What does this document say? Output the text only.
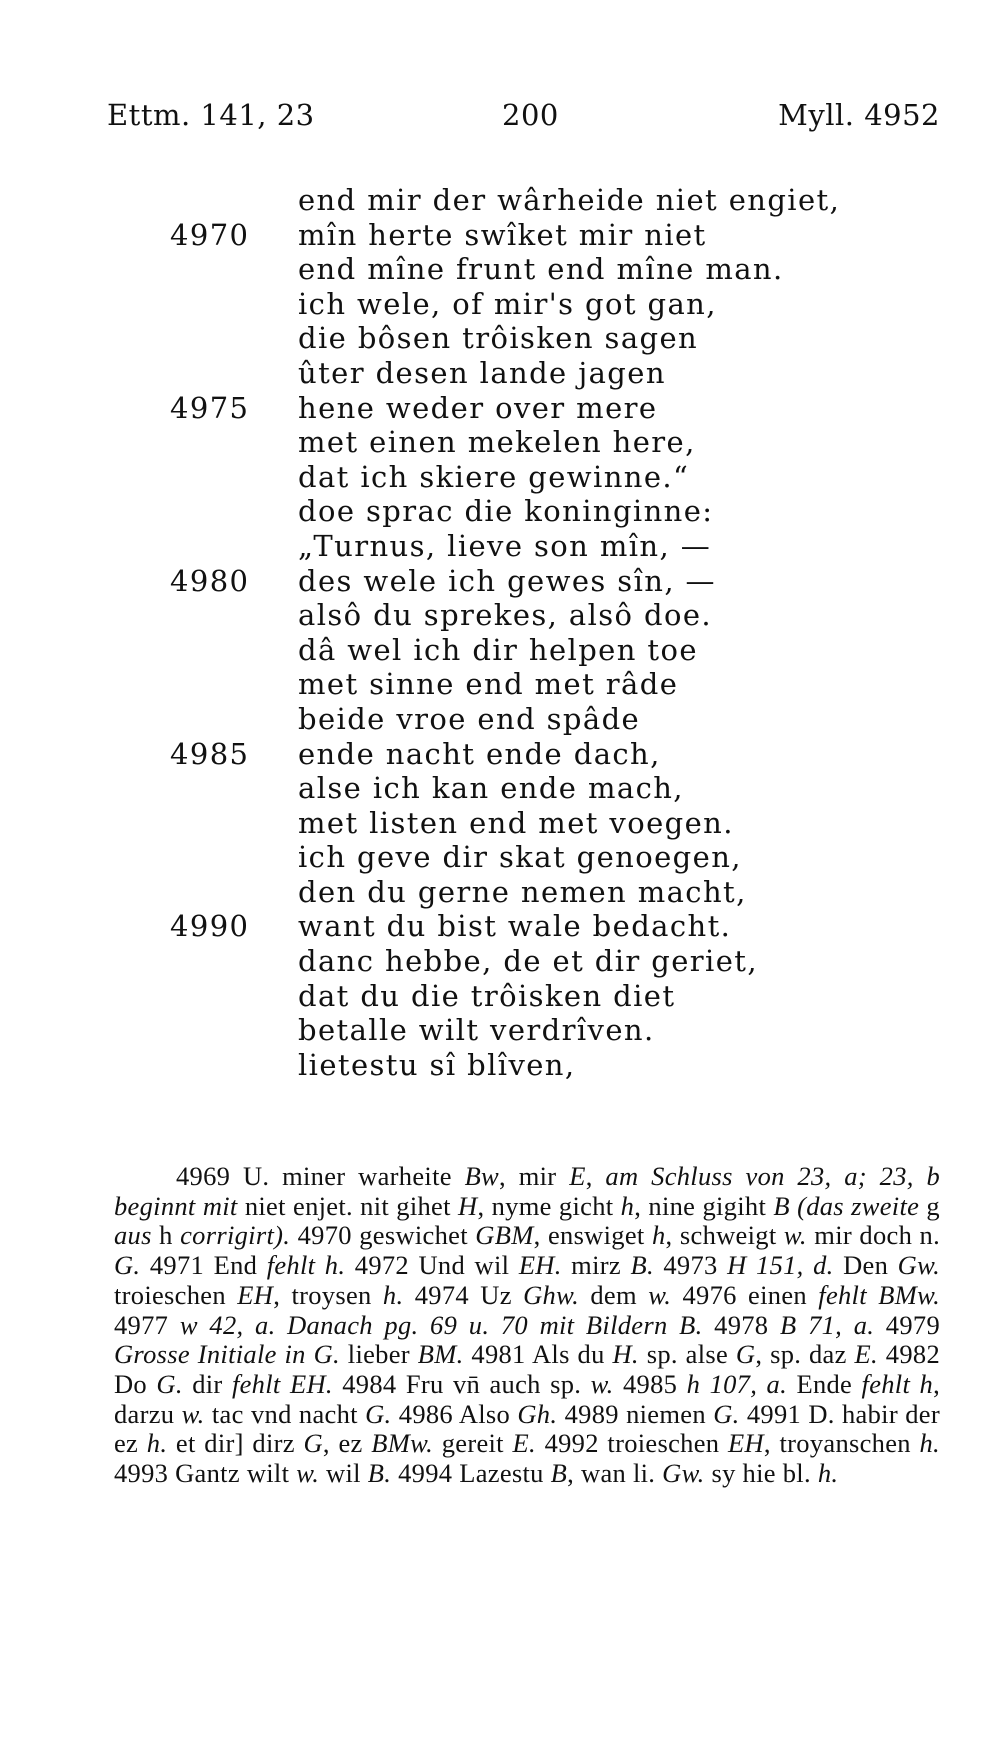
Ettm. 141, 23	200	Myll. 4952
end mir der wârheide niet engiet,
4970	mîn herte swîket mir niet
end mîne frunt end mîne man.
ich wele, of mir's got gan,
die bôsen trôisken sagen
ûter desen lande jagen
4975	hene weder over mere
met einen mekelen here,
dat ich skiere gewinne.“
doe sprac die koninginne:
„Turnus, lieve son mîn, —
4980	des wele ich gewes sîn, —
alsô du sprekes, alsô doe.
dâ wel ich dir helpen toe
met sinne end met râde
beide vroe end spâde
4985	ende nacht ende dach,
alse ich kan ende mach,
met listen end met voegen.
ich geve dir skat genoegen,
den du gerne nemen macht,
4990	want du bist wale bedacht.
danc hebbe, de et dir geriet,
dat du die trôisken diet
betalle wilt verdrîven.
lietestu sî blîven,
4969 U. miner warheite Bw, mir E, am Schluss von 23, a; 23, b beginnt mit niet enjet. nit gihet H, nyme gicht h, nine gigiht B (das zweite g aus h corrigirt). 4970 geswichet GBM, enswiget h, schweigt w. mir doch n. G. 4971 End fehlt h. 4972 Und wil EH. mirz B. 4973 H 151, d. Den Gw. troieschen EH, troysen h. 4974 Uz Ghw. dem w. 4976 einen fehlt BMw. 4977 w 42, a. Danach pg. 69 u. 70 mit Bildern B. 4978 B 71, a. 4979 Grosse Initiale in G. lieber BM. 4981 Als du H. sp. alse G, sp. daz E. 4982 Do G. dir fehlt EH. 4984 Fru vn̄ auch sp. w. 4985 h 107, a. Ende fehlt h, darzu w. tac vnd nacht G. 4986 Also Gh. 4989 niemen G. 4991 D. habir der ez h. et dir] dirz G, ez BMw. gereit E. 4992 troieschen EH, troyanschen h. 4993 Gantz wilt w. wil B. 4994 Lazestu B, wan li. Gw. sy hie bl. h.
